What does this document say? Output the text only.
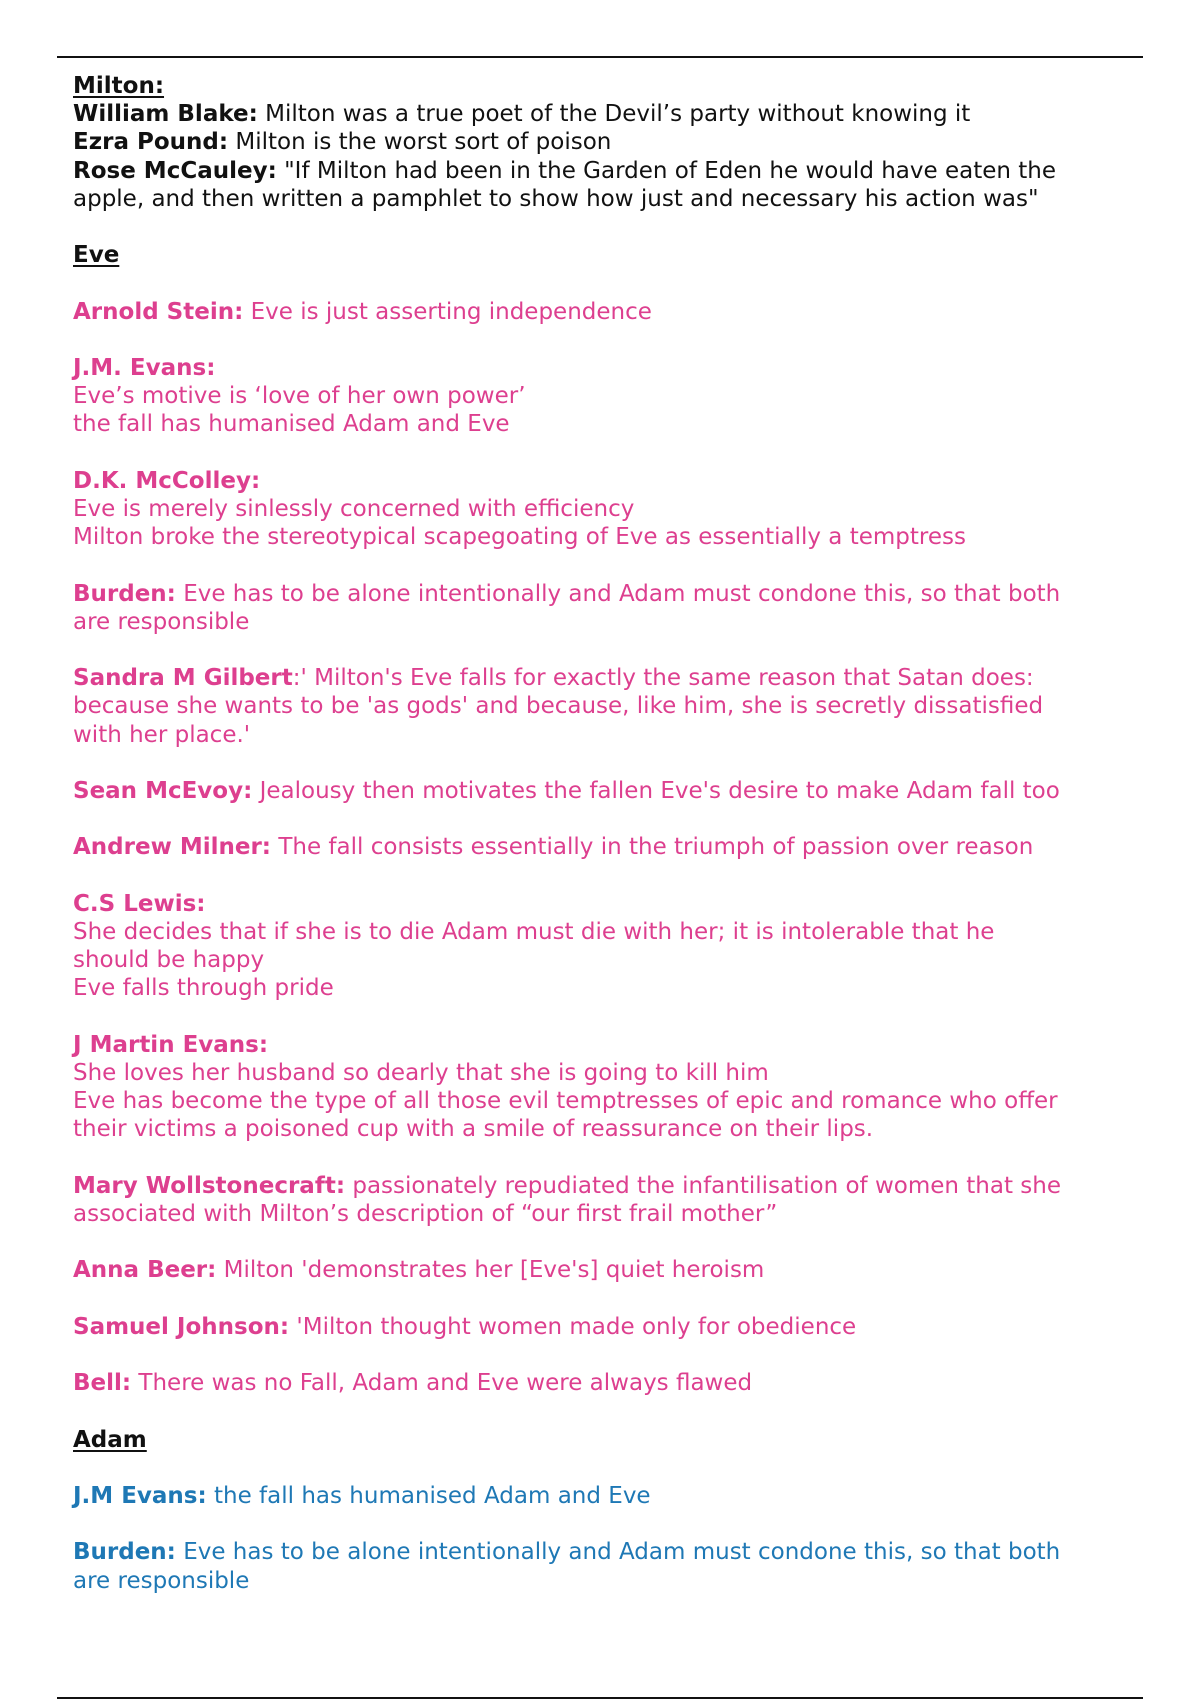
Milton:
William Blake: Milton was a true poet of the Devil’s party without knowing it
Ezra Pound: Milton is the worst sort of poison
Rose McCauley: "If Milton had been in the Garden of Eden he would have eaten the
apple, and then written a pamphlet to show how just and necessary his action was"
Eve
Arnold Stein: Eve is just asserting independence
J.M. Evans:
Eve’s motive is ‘love of her own power’
the fall has humanised Adam and Eve
D.K. McColley:
Eve is merely sinlessly concerned with efficiency
Milton broke the stereotypical scapegoating of Eve as essentially a temptress
Burden: Eve has to be alone intentionally and Adam must condone this, so that both
are responsible
Sandra M Gilbert:' Milton's Eve falls for exactly the same reason that Satan does:
because she wants to be 'as gods' and because, like him, she is secretly dissatisfied
with her place.'
Sean McEvoy: Jealousy then motivates the fallen Eve's desire to make Adam fall too
Andrew Milner: The fall consists essentially in the triumph of passion over reason
C.S Lewis:
She decides that if she is to die Adam must die with her; it is intolerable that he
should be happy
Eve falls through pride
J Martin Evans:
She loves her husband so dearly that she is going to kill him
Eve has become the type of all those evil temptresses of epic and romance who offer
their victims a poisoned cup with a smile of reassurance on their lips.
Mary Wollstonecraft: passionately repudiated the infantilisation of women that she
associated with Milton’s description of “our first frail mother”
Anna Beer: Milton 'demonstrates her [Eve's] quiet heroism
Samuel Johnson: 'Milton thought women made only for obedience
Bell: There was no Fall, Adam and Eve were always flawed
Adam
J.M Evans: the fall has humanised Adam and Eve
Burden: Eve has to be alone intentionally and Adam must condone this, so that both
are responsible
